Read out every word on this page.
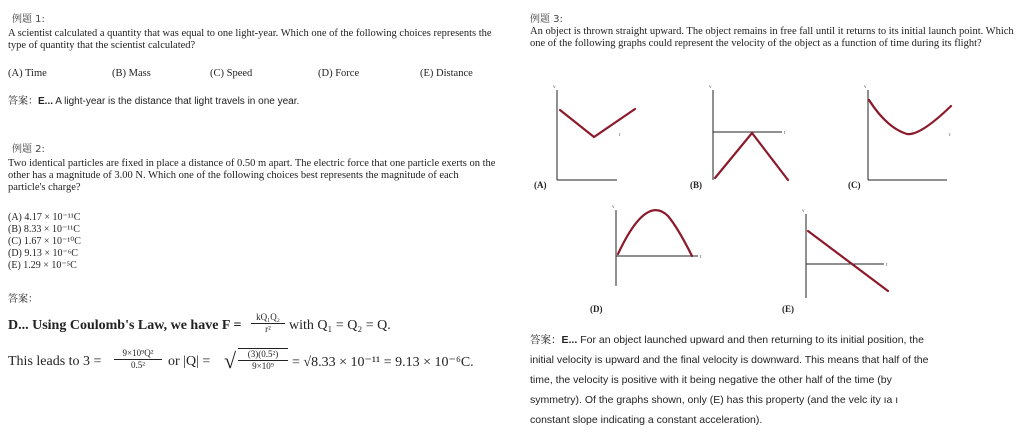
例题 1:
A scientist calculated a quantity that was equal to one light-year. Which one of the following choices represents the type of quantity that the scientist calculated?
(A) Time	(B) Mass	(C) Speed	(D) Force	(E) Distance
答案：E... A light-year is the distance that light travels in one year.
例题 2:
Two identical particles are fixed in place a distance of 0.50 m apart. The electric force that one particle exerts on the other has a magnitude of 3.00 N. Which one of the following choices best represents the magnitude of each particle's charge?
(A) 4.17 × 10⁻¹¹C
(B) 8.33 × 10⁻¹¹C
(C) 1.67 × 10⁻¹⁰C
(D) 9.13 × 10⁻⁶C
(E) 1.29 × 10⁻⁵C
答案：
D... Using Coulomb's Law, we have $F = \frac{\text{kQ₁Q₂}}{\text{r²}}$ with Q₁ = Q₂ = Q.
This leads to $3 = \frac{\text{9×10⁹Q²}}{\text{0.5²}}$ or |Q| = √ $\frac{\text{(3)(0.5²)}}{\text{9×10⁹}} = √8.33 \times 10^{-11} = 9.13 \times 10^{-6}C$.
例题 3:
An object is thrown straight upward. The object remains in free fall until it returns to its initial launch point. Which one of the following graphs could represent the velocity of the object as a function of time during its flight?
v
t
v
t
v
t
v
t
v
t
(A)	(B)	(C)
(D)	(E)
答案：E... For an object launched upward and then returning to its initial position, the
initial velocity is upward and the final velocity is downward. This means that half of the
time, the velocity is positive with it being negative the other half of the time (by
symmetry). Of the graphs shown, only (E) has this property (and the velc ity ıa ı
constant slope indicating a constant acceleration).
